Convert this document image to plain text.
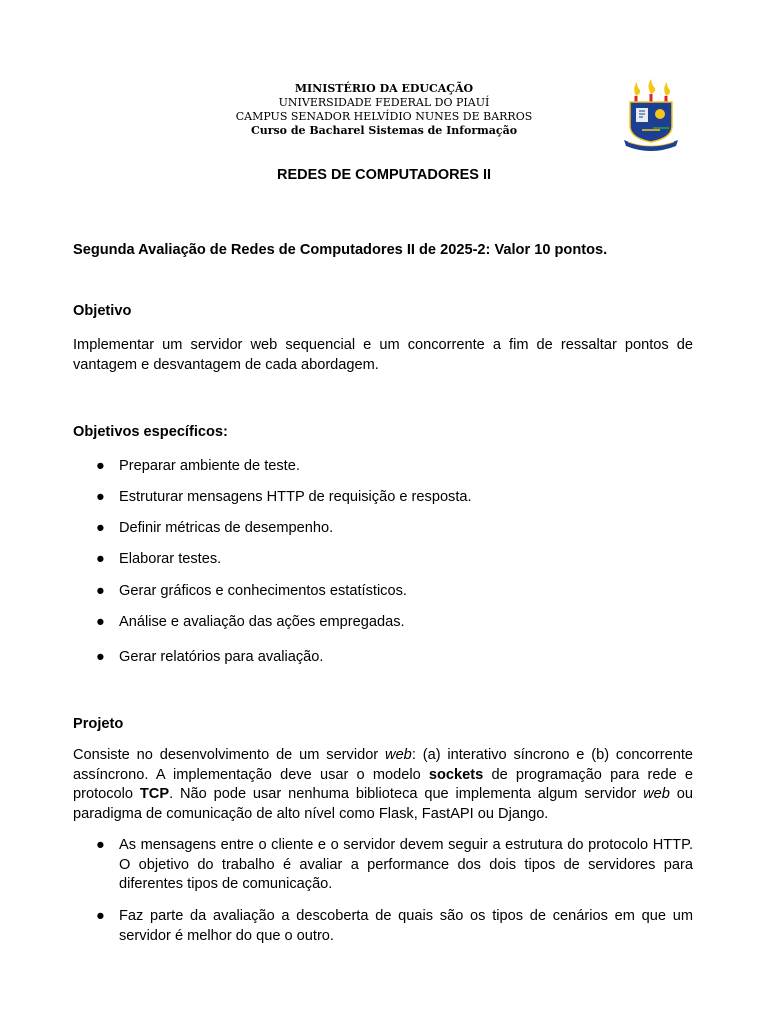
MINISTÉRIO DA EDUCAÇÃO
UNIVERSIDADE FEDERAL DO PIAUÍ
CAMPUS SENADOR HELVÍDIO NUNES DE BARROS
Curso de Bacharel Sistemas de Informação
REDES DE COMPUTADORES II
Segunda Avaliação de Redes de Computadores II de 2025-2: Valor 10 pontos.
Objetivo
Implementar um servidor web sequencial e um concorrente a fim de ressaltar pontos de vantagem e desvantagem de cada abordagem.
Objetivos específicos:
● Preparar ambiente de teste.
● Estruturar mensagens HTTP de requisição e resposta.
● Definir métricas de desempenho.
● Elaborar testes.
● Gerar gráficos e conhecimentos estatísticos.
● Análise e avaliação das ações empregadas.
● Gerar relatórios para avaliação.
Projeto
Consiste no desenvolvimento de um servidor web: (a) interativo síncrono e (b) concorrente assíncrono. A implementação deve usar o modelo sockets de programação para rede e protocolo TCP. Não pode usar nenhuma biblioteca que implementa algum servidor web ou paradigma de comunicação de alto nível como Flask, FastAPI ou Django.
● As mensagens entre o cliente e o servidor devem seguir a estrutura do protocolo HTTP. O objetivo do trabalho é avaliar a performance dos dois tipos de servidores para diferentes tipos de comunicação.
● Faz parte da avaliação a descoberta de quais são os tipos de cenários em que um servidor é melhor do que o outro.
